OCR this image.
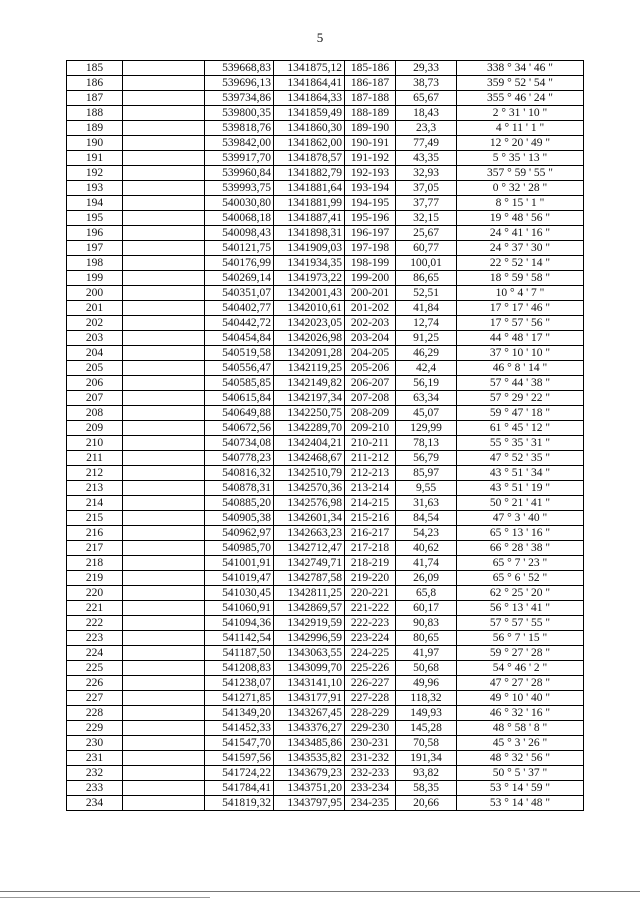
5
185		539668,83	1341875,12	185-186	29,33	338 ° 34 ' 46 "
186		539696,13	1341864,41	186-187	38,73	359 ° 52 ' 54 "
187		539734,86	1341864,33	187-188	65,67	355 ° 46 ' 24 "
188		539800,35	1341859,49	188-189	18,43	2 ° 31 ' 10 "
189		539818,76	1341860,30	189-190	23,3	4 ° 11 ' 1 "
190		539842,00	1341862,00	190-191	77,49	12 ° 20 ' 49 "
191		539917,70	1341878,57	191-192	43,35	5 ° 35 ' 13 "
192		539960,84	1341882,79	192-193	32,93	357 ° 59 ' 55 "
193		539993,75	1341881,64	193-194	37,05	0 ° 32 ' 28 "
194		540030,80	1341881,99	194-195	37,77	8 ° 15 ' 1 "
195		540068,18	1341887,41	195-196	32,15	19 ° 48 ' 56 "
196		540098,43	1341898,31	196-197	25,67	24 ° 41 ' 16 "
197		540121,75	1341909,03	197-198	60,77	24 ° 37 ' 30 "
198		540176,99	1341934,35	198-199	100,01	22 ° 52 ' 14 "
199		540269,14	1341973,22	199-200	86,65	18 ° 59 ' 58 "
200		540351,07	1342001,43	200-201	52,51	10 ° 4 ' 7 "
201		540402,77	1342010,61	201-202	41,84	17 ° 17 ' 46 "
202		540442,72	1342023,05	202-203	12,74	17 ° 57 ' 56 "
203		540454,84	1342026,98	203-204	91,25	44 ° 48 ' 17 "
204		540519,58	1342091,28	204-205	46,29	37 ° 10 ' 10 "
205		540556,47	1342119,25	205-206	42,4	46 ° 8 ' 14 "
206		540585,85	1342149,82	206-207	56,19	57 ° 44 ' 38 "
207		540615,84	1342197,34	207-208	63,34	57 ° 29 ' 22 "
208		540649,88	1342250,75	208-209	45,07	59 ° 47 ' 18 "
209		540672,56	1342289,70	209-210	129,99	61 ° 45 ' 12 "
210		540734,08	1342404,21	210-211	78,13	55 ° 35 ' 31 "
211		540778,23	1342468,67	211-212	56,79	47 ° 52 ' 35 "
212		540816,32	1342510,79	212-213	85,97	43 ° 51 ' 34 "
213		540878,31	1342570,36	213-214	9,55	43 ° 51 ' 19 "
214		540885,20	1342576,98	214-215	31,63	50 ° 21 ' 41 "
215		540905,38	1342601,34	215-216	84,54	47 ° 3 ' 40 "
216		540962,97	1342663,23	216-217	54,23	65 ° 13 ' 16 "
217		540985,70	1342712,47	217-218	40,62	66 ° 28 ' 38 "
218		541001,91	1342749,71	218-219	41,74	65 ° 7 ' 23 "
219		541019,47	1342787,58	219-220	26,09	65 ° 6 ' 52 "
220		541030,45	1342811,25	220-221	65,8	62 ° 25 ' 20 "
221		541060,91	1342869,57	221-222	60,17	56 ° 13 ' 41 "
222		541094,36	1342919,59	222-223	90,83	57 ° 57 ' 55 "
223		541142,54	1342996,59	223-224	80,65	56 ° 7 ' 15 "
224		541187,50	1343063,55	224-225	41,97	59 ° 27 ' 28 "
225		541208,83	1343099,70	225-226	50,68	54 ° 46 ' 2 "
226		541238,07	1343141,10	226-227	49,96	47 ° 27 ' 28 "
227		541271,85	1343177,91	227-228	118,32	49 ° 10 ' 40 "
228		541349,20	1343267,45	228-229	149,93	46 ° 32 ' 16 "
229		541452,33	1343376,27	229-230	145,28	48 ° 58 ' 8 "
230		541547,70	1343485,86	230-231	70,58	45 ° 3 ' 26 "
231		541597,56	1343535,82	231-232	191,34	48 ° 32 ' 56 "
232		541724,22	1343679,23	232-233	93,82	50 ° 5 ' 37 "
233		541784,41	1343751,20	233-234	58,35	53 ° 14 ' 59 "
234		541819,32	1343797,95	234-235	20,66	53 ° 14 ' 48 "
